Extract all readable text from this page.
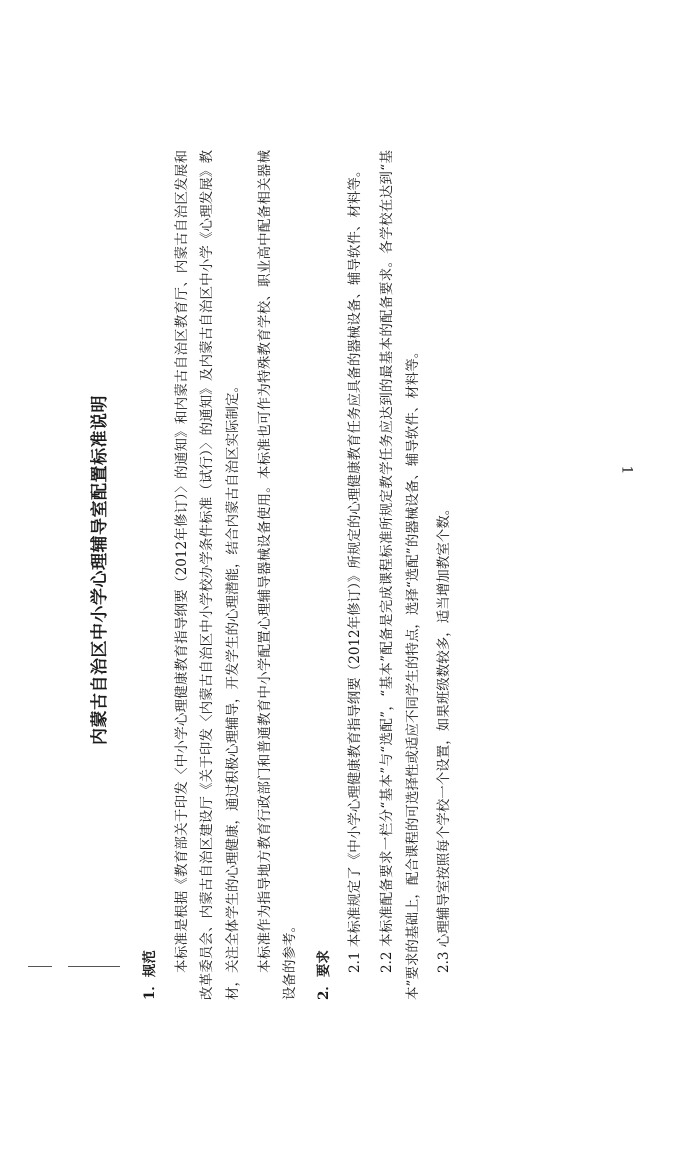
内蒙古自治区中小学心理辅导室配置标准说明
1．规范

本标准是根据《教育部关于印发〈中小学心理健康教育指导纲要（2012年修订）〉的通知》和内蒙古自治区教育厅、内蒙古自治区发展和改革委员会、内蒙古自治区建设厅《关于印发〈内蒙古自治区中小学校办学条件标准（试行）〉的通知》及内蒙古自治区中小学《心理发展》教材，关注全体学生的心理健康，通过积极心理辅导，开发学生的心理潜能，结合内蒙古自治区实际制定。	本标准作为指导地方教育行政部门和普通教育中小学配置心理辅导器械设备使用。本标准也可作为特殊教育学校、职业高中配备相关器械设备的参考。	2．要求

2.1 本标准规定了《中小学心理健康教育指导纲要（2012年修订）》所规定的心理健康教育任务应具备的器械设备、辅导软件、材料等。	2.2 本标准配备要求一栏分“基本”与“选配”，“基本”配备是完成课程标准所规定教学任务应达到的最基本的配备要求。各学校在达到“基本”要求的基础上，配合课程的可选择性或适应不同学生的特点，选择“选配”的器械设备、辅导软件、材料等。	2.3 心理辅导室按照每个学校一个设置，如果班级数较多，适当增加教室个数。

1
